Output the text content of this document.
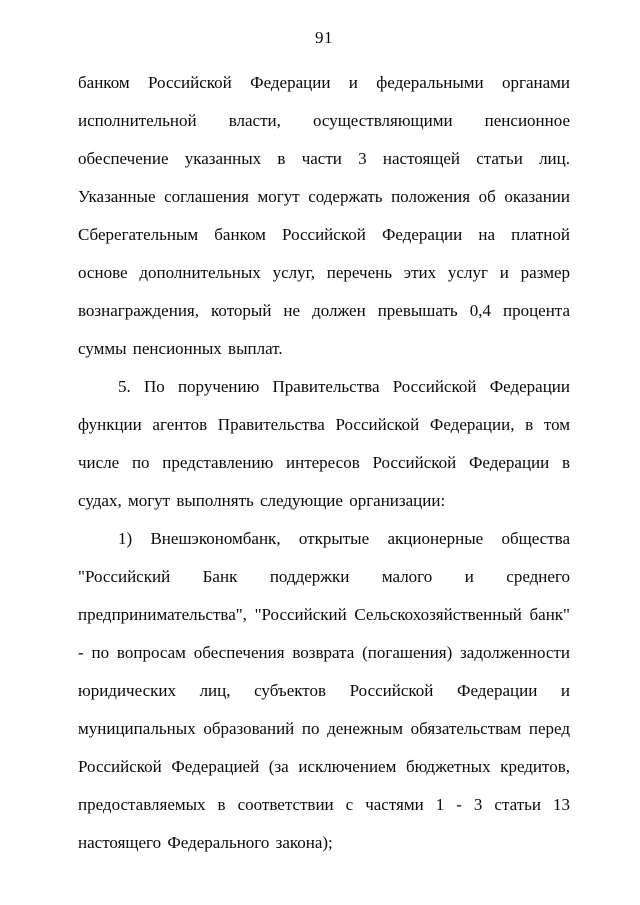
91

банком Российской Федерации и федеральными органами исполнительной власти, осуществляющими пенсионное обеспечение указанных в части 3 настоящей статьи лиц. Указанные соглашения могут содержать положения об оказании Сберегательным банком Российской Федерации на платной основе дополнительных услуг, перечень этих услуг и размер вознаграждения, который не должен превышать 0,4 процента суммы пенсионных выплат.

5. По поручению Правительства Российской Федерации функции агентов Правительства Российской Федерации, в том числе по представлению интересов Российской Федерации в судах, могут выполнять следующие организации:

1) Внешэкономбанк, открытые акционерные общества "Российский Банк поддержки малого и среднего предпринимательства", "Российский Сельскохозяйственный банк" - по вопросам обеспечения возврата (погашения) задолженности юридических лиц, субъектов Российской Федерации и муниципальных образований по денежным обязательствам перед Российской Федерацией (за исключением бюджетных кредитов, предоставляемых в соответствии с частями 1 - 3 статьи 13 настоящего Федерального закона);
